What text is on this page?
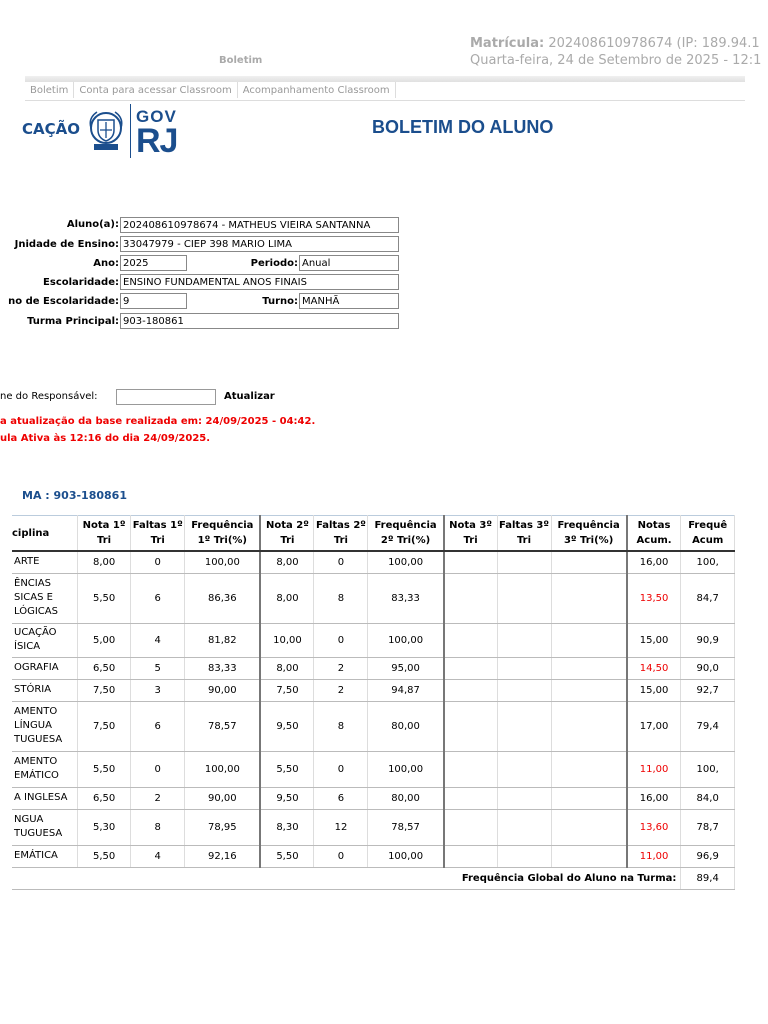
Boletim
Matrícula: 202408610978674 (IP: 189.94.1
Quarta-feira, 24 de Setembro de 2025 - 12:1
Boletim Conta para acessar Classroom Acompanhamento Classroom
CAÇÃO
GOV
RJ	BOLETIM DO ALUNO
Aluno(a): 202408610978674 - MATHEUS VIEIRA SANTANNA
Jnidade de Ensino: 33047979 - CIEP 398 MARIO LIMA
Ano: 2025	Periodo: Anual
Escolaridade: ENSINO FUNDAMENTAL ANOS FINAIS
no de Escolaridade: 9	Turno: MANHÃ
Turma Principal: 903-180861
ne do Responsável:	Atualizar
a atualização da base realizada em: 24/09/2025 - 04:42.
ula Ativa às 12:16 do dia 24/09/2025.
MA : 903-180861
ciplina	Nota 1º Tri	Faltas 1º Tri	Frequência 1º Tri(%)	Nota 2º Tri	Faltas 2º Tri	Frequência 2º Tri(%)	Nota 3º Tri	Faltas 3º Tri	Frequência 3º Tri(%)	Notas Acum.	Frequê Acum
ARTE	8,00	0	100,00	8,00	0	100,00				16,00	100,
ÊNCIAS SICAS E LÓGICAS	5,50	6	86,36	8,00	8	83,33				13,50	84,7
UCAÇÃO ÍSICA	5,00	4	81,82	10,00	0	100,00				15,00	90,9
OGRAFIA	6,50	5	83,33	8,00	2	95,00				14,50	90,0
STÓRIA	7,50	3	90,00	7,50	2	94,87				15,00	92,7
AMENTO LÍNGUA TUGUESA	7,50	6	78,57	9,50	8	80,00				17,00	79,4
AMENTO EMÁTICO	5,50	0	100,00	5,50	0	100,00				11,00	100,
A INGLESA	6,50	2	90,00	9,50	6	80,00				16,00	84,0
NGUA TUGUESA	5,30	8	78,95	8,30	12	78,57				13,60	78,7
EMÁTICA	5,50	4	92,16	5,50	0	100,00				11,00	96,9
Frequência Global do Aluno na Turma:											89,4
